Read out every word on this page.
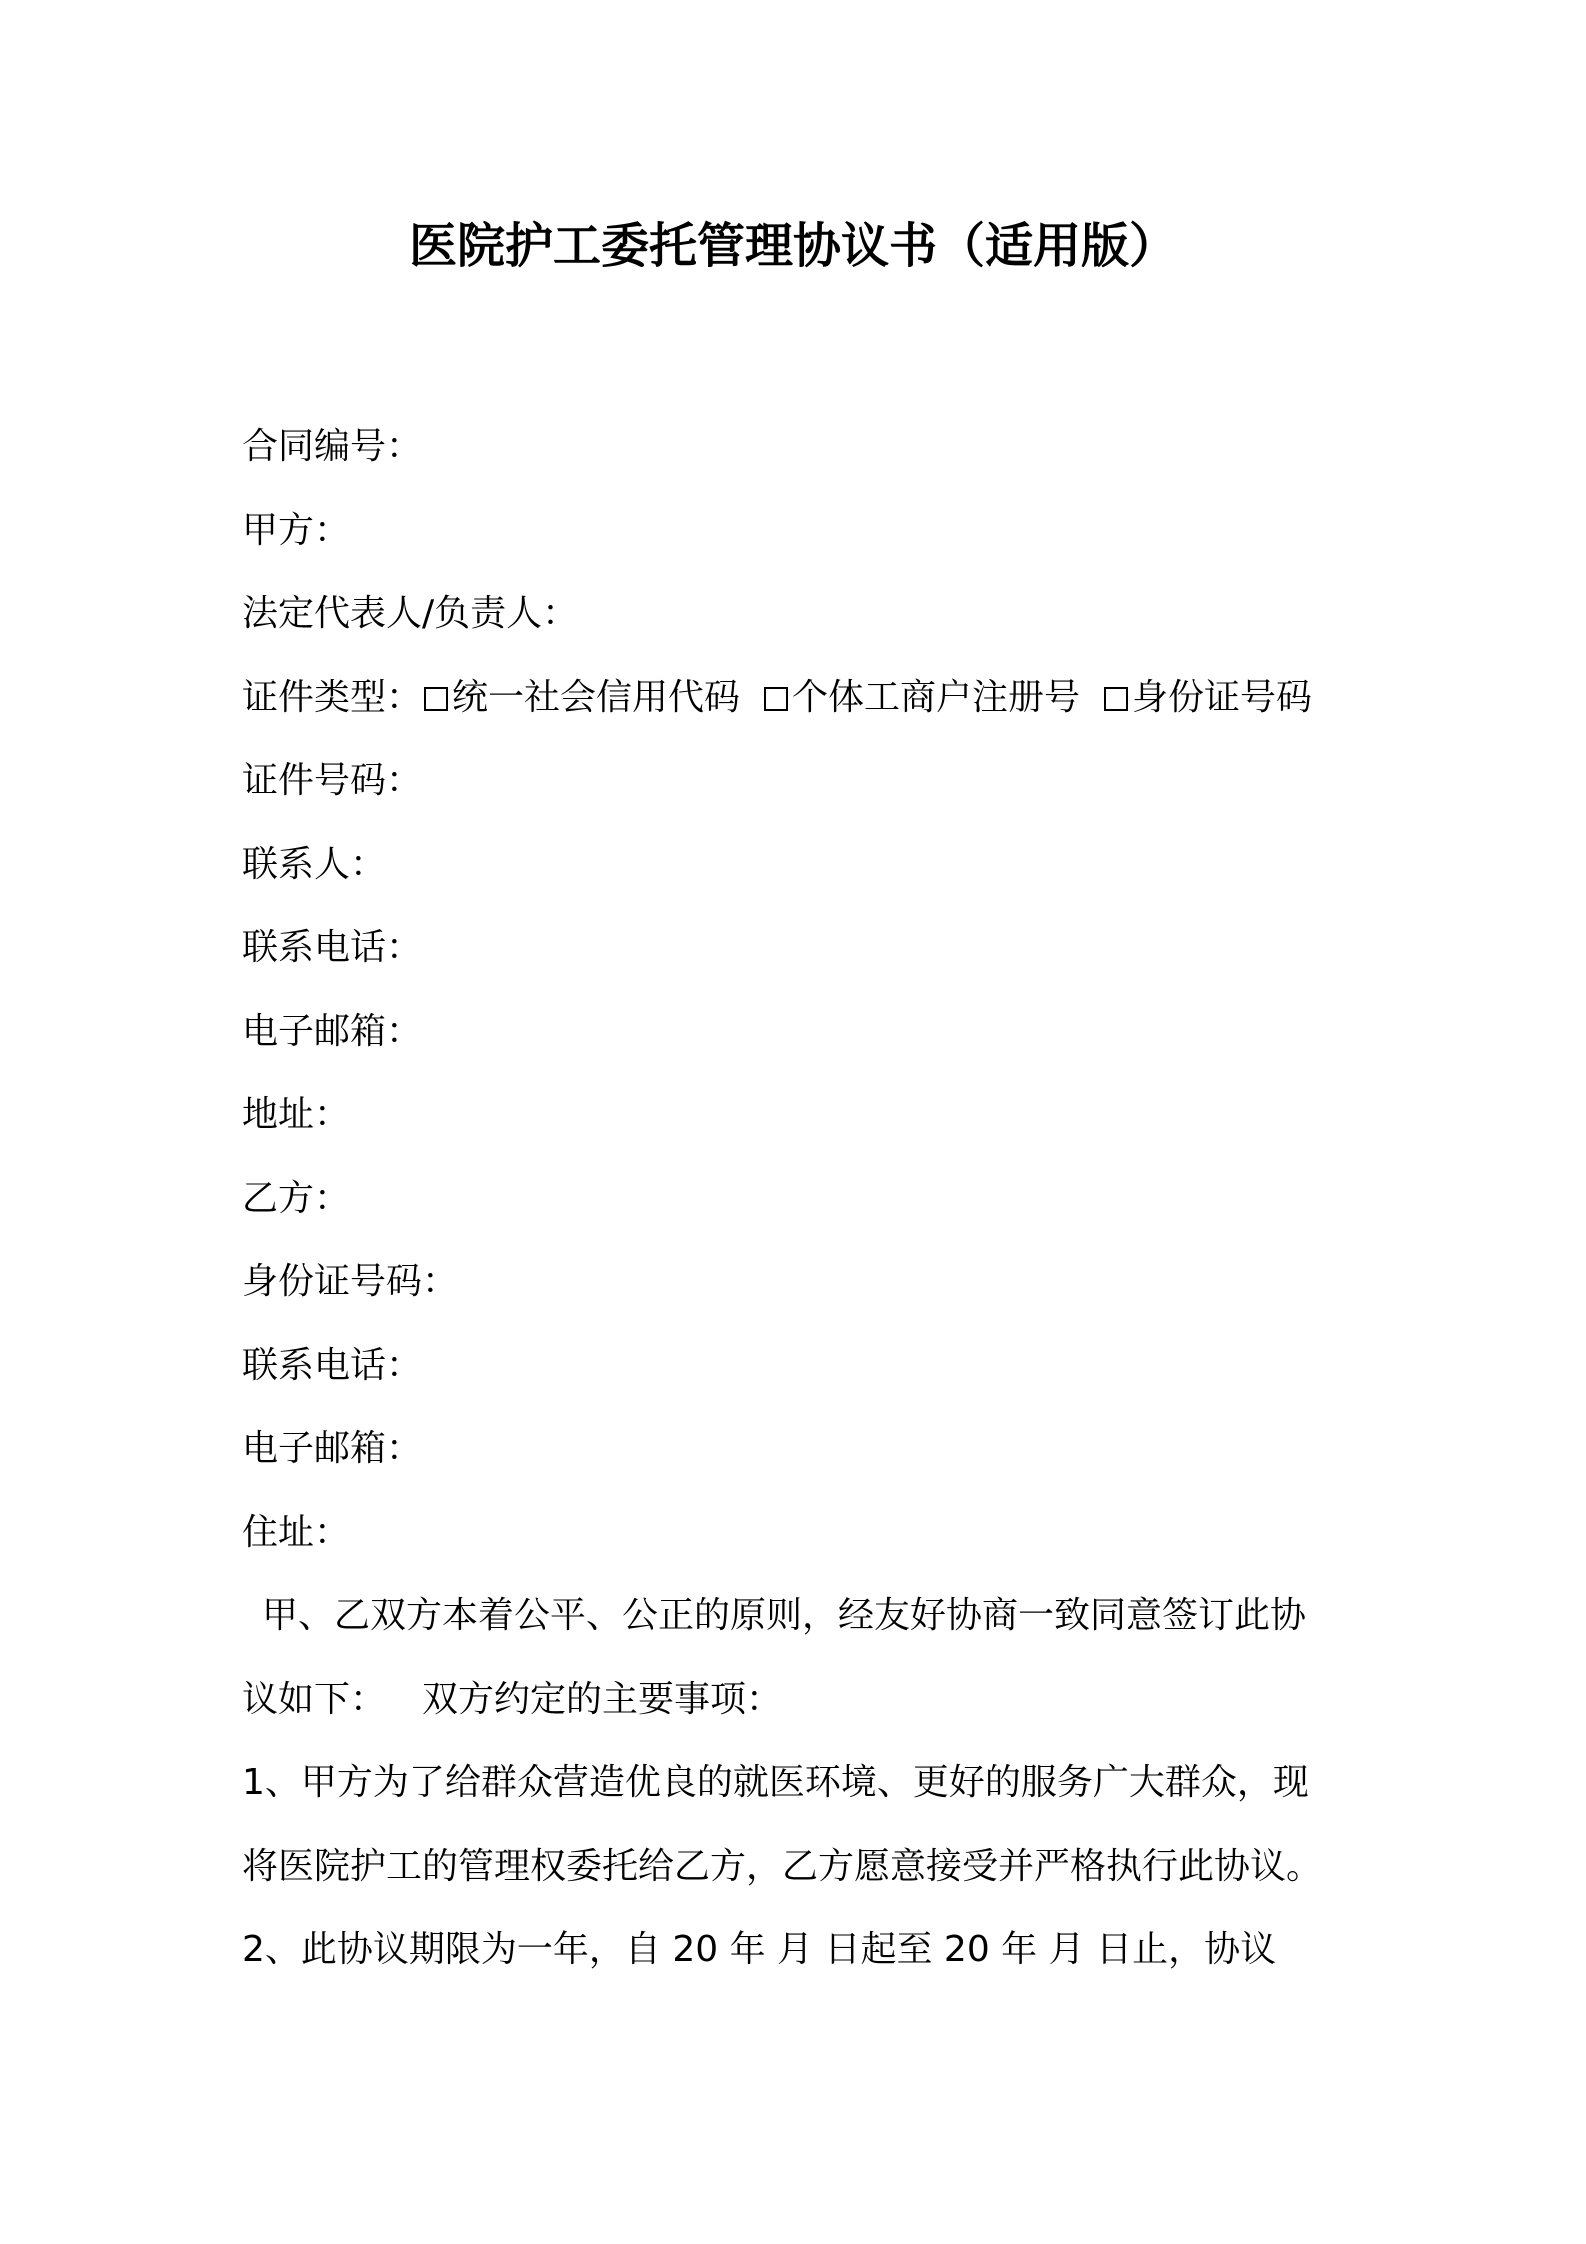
医院护工委托管理协议书（适用版）
合同编号：
甲方：
法定代表人/负责人：
证件类型： 统一社会信用代码 个体工商户注册号 身份证号码
证件号码：
联系人：
联系电话：
电子邮箱：
地址：
乙方：
身份证号码：
联系电话：
电子邮箱：
住址：
甲、乙双方本着公平、公正的原则，经友好协商一致同意签订此协
议如下： 双方约定的主要事项：
1、甲方为了给群众营造优良的就医环境、更好的服务广大群众，现
将医院护工的管理权委托给乙方，乙方愿意接受并严格执行此协议。
2、此协议期限为一年，自 20 年 月 日起至 20 年 月 日止，协议
